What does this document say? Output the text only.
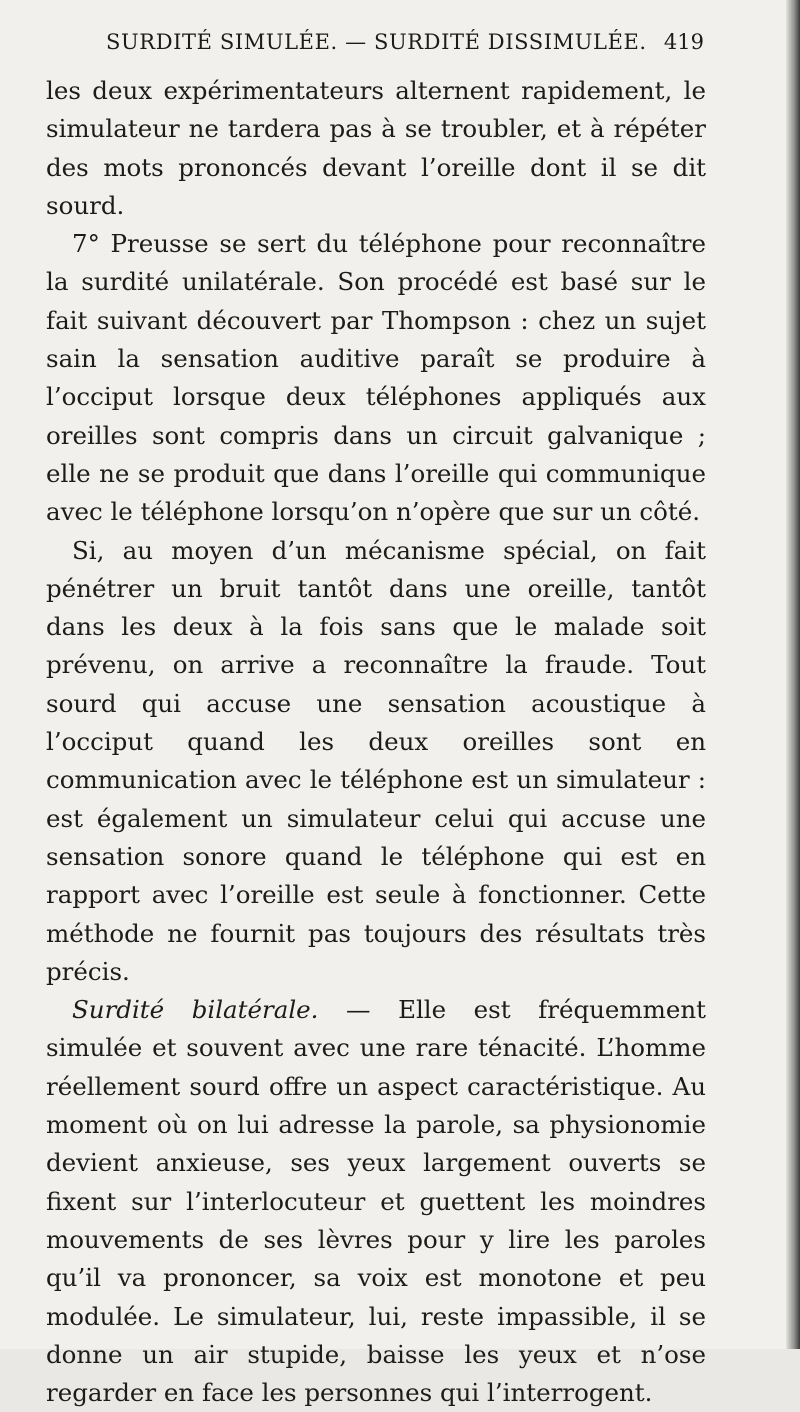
SURDITÉ SIMULÉE. — SURDITÉ DISSIMULÉE. 419

les deux expérimentateurs alternent rapidement, le simulateur ne tardera pas à se troubler, et à répéter des mots prononcés devant l’oreille dont il se dit sourd.

7° Preusse se sert du téléphone pour reconnaître la surdité unilatérale. Son procédé est basé sur le fait suivant découvert par Thompson : chez un sujet sain la sensation auditive paraît se produire à l’occiput lorsque deux téléphones appliqués aux oreilles sont compris dans un circuit galvanique ; elle ne se produit que dans l’oreille qui communique avec le téléphone lorsqu’on n’opère que sur un côté.

Si, au moyen d’un mécanisme spécial, on fait pénétrer un bruit tantôt dans une oreille, tantôt dans les deux à la fois sans que le malade soit prévenu, on arrive a reconnaître la fraude. Tout sourd qui accuse une sensation acoustique à l’occiput quand les deux oreilles sont en communication avec le téléphone est un simulateur : est également un simulateur celui qui accuse une sensation sonore quand le téléphone qui est en rapport avec l’oreille est seule à fonctionner. Cette méthode ne fournit pas toujours des résultats très précis.

Surdité bilatérale. — Elle est fréquemment simulée et souvent avec une rare ténacité. L’homme réellement sourd offre un aspect caractéristique. Au moment où on lui adresse la parole, sa physionomie devient anxieuse, ses yeux largement ouverts se fixent sur l’interlocuteur et guettent les moindres mouvements de ses lèvres pour y lire les paroles qu’il va prononcer, sa voix est monotone et peu modulée. Le simulateur, lui, reste impassible, il se donne un air stupide, baisse les yeux et n’ose regarder en face les personnes qui l’interrogent.
